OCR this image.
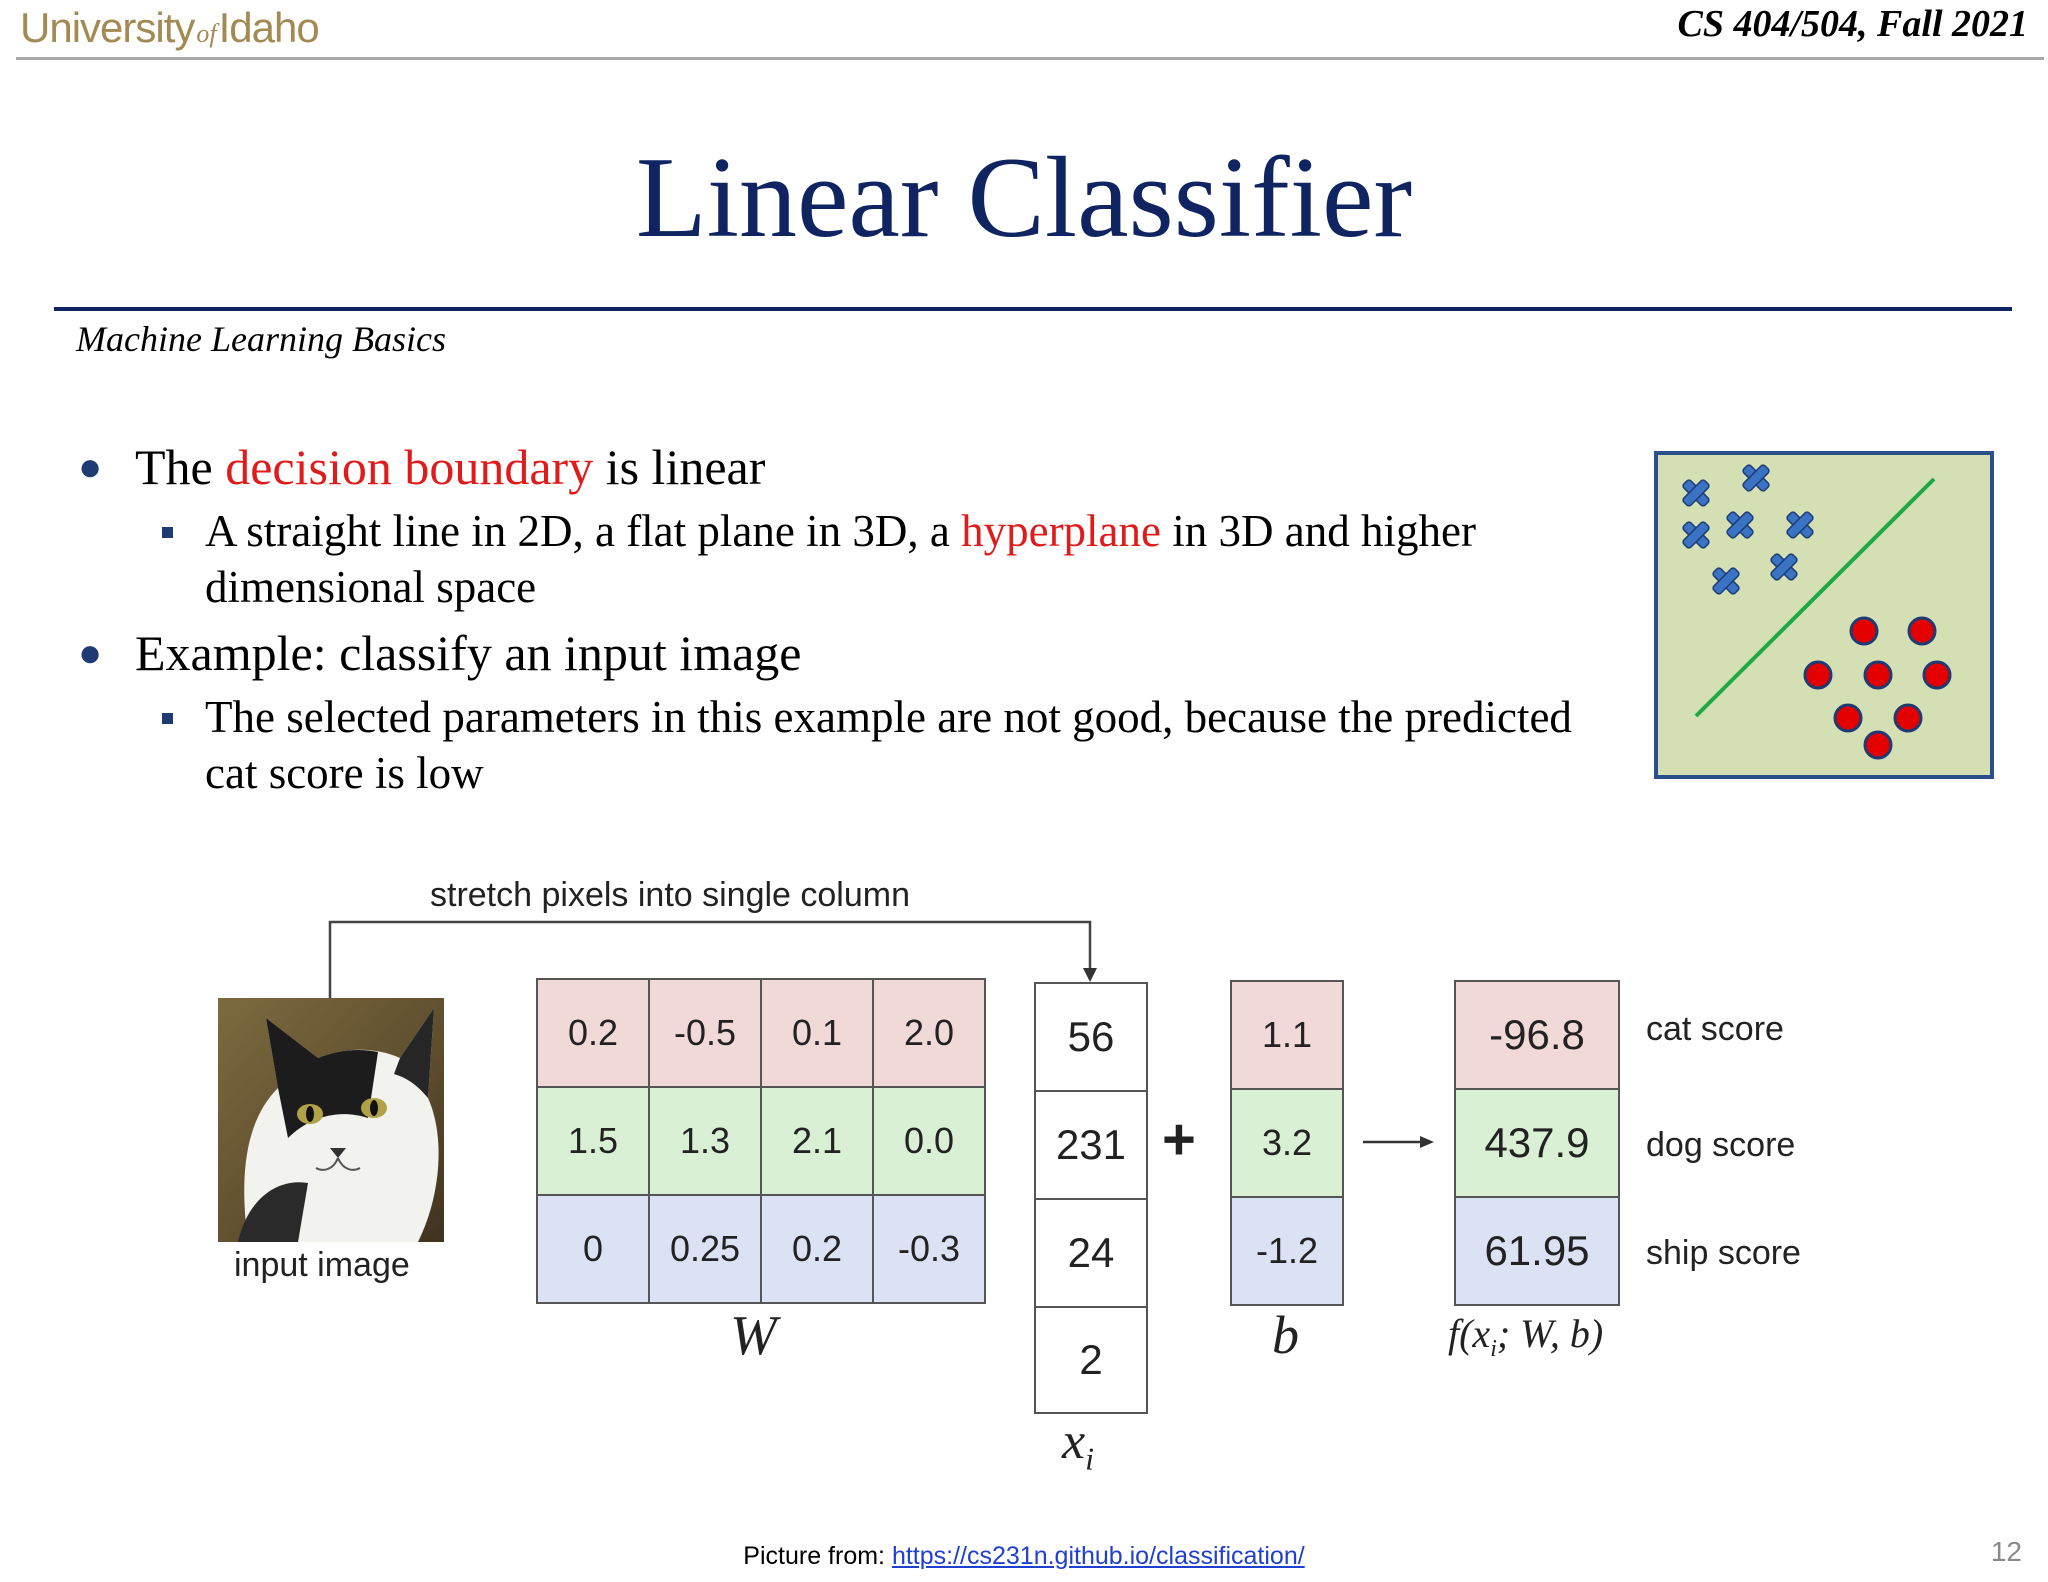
UniversityofIdaho	CS 404/504, Fall 2021
Linear Classifier
Machine Learning Basics
● The decision boundary is linear
A straight line in 2D, a flat plane in 3D, a hyperplane in 3D and higher dimensional space
● Example: classify an input image
The selected parameters in this example are not good, because the predicted cat score is low
stretch pixels into single column
input image
0.2	-0.5	0.1	2.0
1.5	1.3	2.1	0.0
0	0.25	0.2	-0.3
W
56
231
24
2
$x_i$
+
1.1
3.2
-1.2
b
-96.8
437.9
61.95
$f(x_i$; W, b)
cat score
dog score
ship score
Picture from: https://cs231n.github.io/classification/	12
